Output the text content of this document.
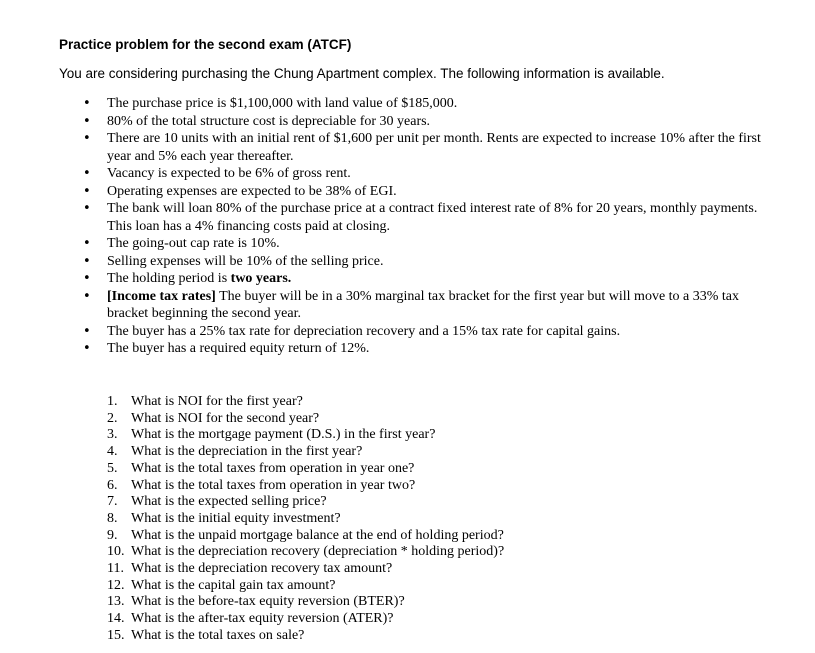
Practice problem for the second exam (ATCF)
You are considering purchasing the Chung Apartment complex. The following information is available.
• The purchase price is $1,100,000 with land value of $185,000.
• 80% of the total structure cost is depreciable for 30 years.
• There are 10 units with an initial rent of $1,600 per unit per month. Rents are expected to increase 10% after the first year and 5% each year thereafter.
• Vacancy is expected to be 6% of gross rent.
• Operating expenses are expected to be 38% of EGI.
• The bank will loan 80% of the purchase price at a contract fixed interest rate of 8% for 20 years, monthly payments. This loan has a 4% financing costs paid at closing.
• The going-out cap rate is 10%.
• Selling expenses will be 10% of the selling price.
• The holding period is two years.
• [Income tax rates] The buyer will be in a 30% marginal tax bracket for the first year but will move to a 33% tax bracket beginning the second year.
• The buyer has a 25% tax rate for depreciation recovery and a 15% tax rate for capital gains.
• The buyer has a required equity return of 12%.
1. What is NOI for the first year?
2. What is NOI for the second year?
3. What is the mortgage payment (D.S.) in the first year?
4. What is the depreciation in the first year?
5. What is the total taxes from operation in year one?
6. What is the total taxes from operation in year two?
7. What is the expected selling price?
8. What is the initial equity investment?
9. What is the unpaid mortgage balance at the end of holding period?
10. What is the depreciation recovery (depreciation * holding period)?
11. What is the depreciation recovery tax amount?
12. What is the capital gain tax amount?
13. What is the before-tax equity reversion (BTER)?
14. What is the after-tax equity reversion (ATER)?
15. What is the total taxes on sale?
